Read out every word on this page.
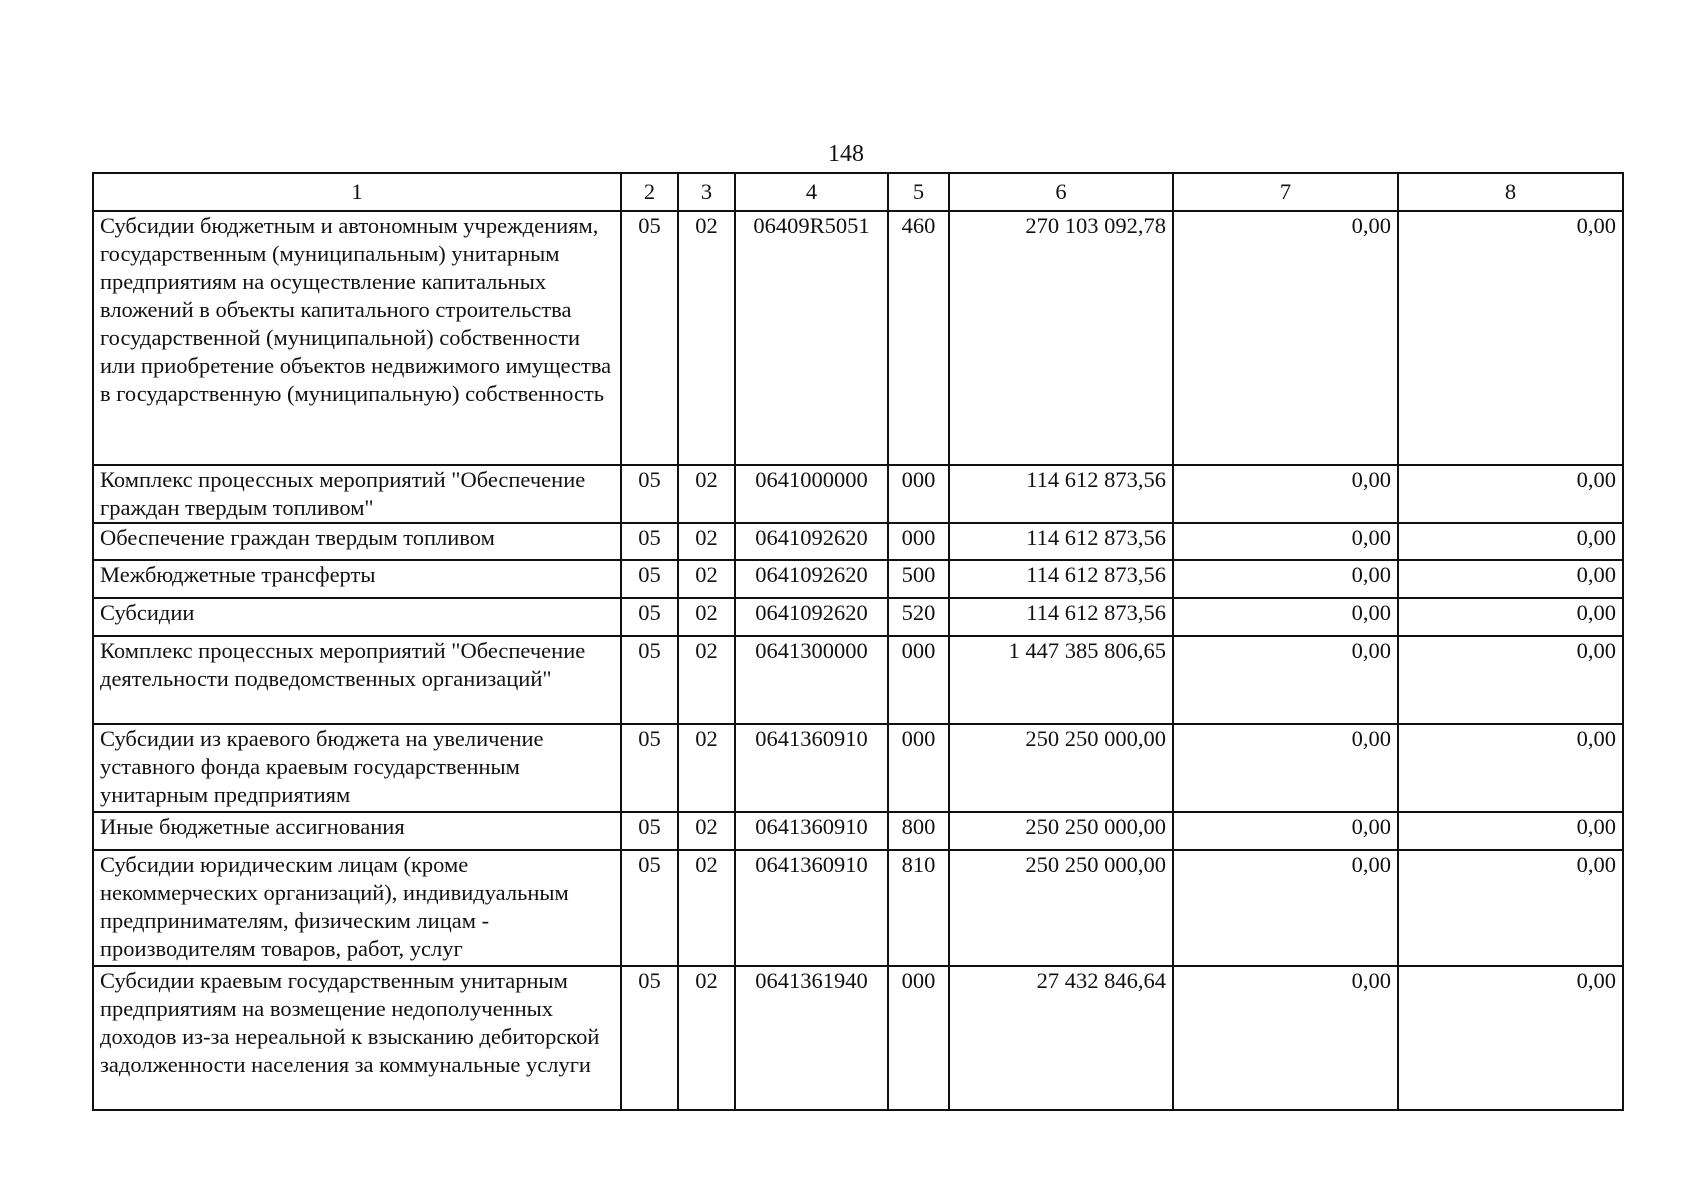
148
1	2	3	4	5	6	7	8
Субсидии бюджетным и автономным учреждениям, государственным (муниципальным) унитарным предприятиям на осуществление капитальных вложений в объекты капитального строительства государственной (муниципальной) собственности или приобретение объектов недвижимого имущества в государственную (муниципальную) собственность	05	02	06409R5051	460	270 103 092,78	0,00	0,00
Комплекс процессных мероприятий "Обеспечение граждан твердым топливом"	05	02	0641000000	000	114 612 873,56	0,00	0,00
Обеспечение граждан твердым топливом	05	02	0641092620	000	114 612 873,56	0,00	0,00
Межбюджетные трансферты	05	02	0641092620	500	114 612 873,56	0,00	0,00
Субсидии	05	02	0641092620	520	114 612 873,56	0,00	0,00
Комплекс процессных мероприятий "Обеспечение деятельности подведомственных организаций"	05	02	0641300000	000	1 447 385 806,65	0,00	0,00
Субсидии из краевого бюджета на увеличение уставного фонда краевым государственным унитарным предприятиям	05	02	0641360910	000	250 250 000,00	0,00	0,00
Иные бюджетные ассигнования	05	02	0641360910	800	250 250 000,00	0,00	0,00
Субсидии юридическим лицам (кроме некоммерческих организаций), индивидуальным предпринимателям, физическим лицам - производителям товаров, работ, услуг	05	02	0641360910	810	250 250 000,00	0,00	0,00
Субсидии краевым государственным унитарным предприятиям на возмещение недополученных доходов из-за нереальной к взысканию дебиторской задолженности населения за коммунальные услуги	05	02	0641361940	000	27 432 846,64	0,00	0,00
